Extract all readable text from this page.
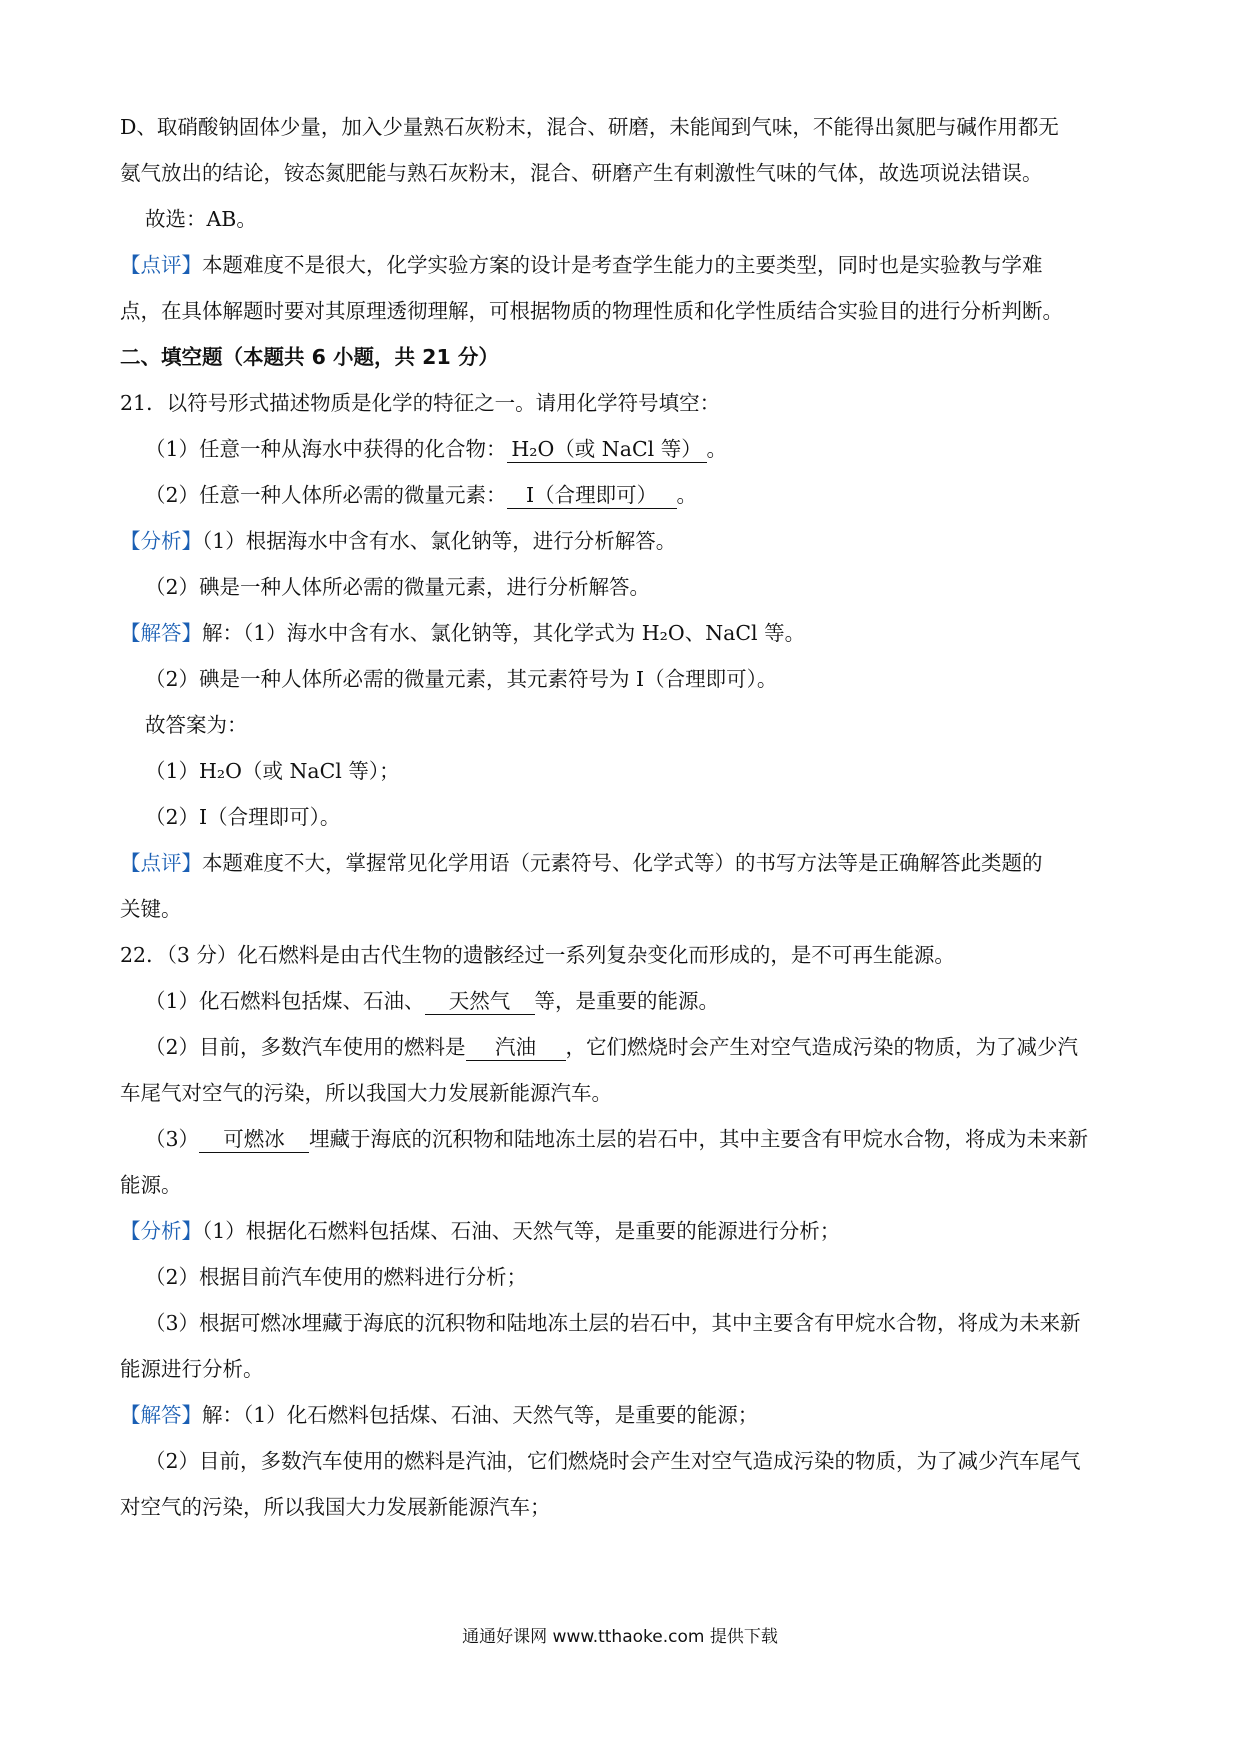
D、取硝酸钠固体少量，加入少量熟石灰粉末，混合、研磨，未能闻到气味，不能得出氮肥与碱作用都无
氨气放出的结论，铵态氮肥能与熟石灰粉末，混合、研磨产生有刺激性气味的气体，故选项说法错误。
故选：AB。
【点评】本题难度不是很大，化学实验方案的设计是考查学生能力的主要类型，同时也是实验教与学难
点，在具体解题时要对其原理透彻理解，可根据物质的物理性质和化学性质结合实验目的进行分析判断。
二、填空题（本题共 6 小题，共 21 分）
21．以符号形式描述物质是化学的特征之一。请用化学符号填空：
（1）任意一种从海水中获得的化合物： H₂O（或 NaCl 等） 。
（2）任意一种人体所必需的微量元素： I（合理即可） 。
【分析】（1）根据海水中含有水、氯化钠等，进行分析解答。
（2）碘是一种人体所必需的微量元素，进行分析解答。
【解答】解：（1）海水中含有水、氯化钠等，其化学式为 H₂O、NaCl 等。
（2）碘是一种人体所必需的微量元素，其元素符号为 I（合理即可）。
故答案为：
（1）H₂O（或 NaCl 等）；
（2）I（合理即可）。
【点评】本题难度不大，掌握常见化学用语（元素符号、化学式等）的书写方法等是正确解答此类题的
关键。
22．（3 分）化石燃料是由古代生物的遗骸经过一系列复杂变化而形成的，是不可再生能源。
（1）化石燃料包括煤、石油、 天然气 等，是重要的能源。
（2）目前，多数汽车使用的燃料是 汽油 ，它们燃烧时会产生对空气造成污染的物质，为了减少汽
车尾气对空气的污染，所以我国大力发展新能源汽车。
（3） 可燃冰 埋藏于海底的沉积物和陆地冻土层的岩石中，其中主要含有甲烷水合物，将成为未来新
能源。
【分析】（1）根据化石燃料包括煤、石油、天然气等，是重要的能源进行分析；
（2）根据目前汽车使用的燃料进行分析；
（3）根据可燃冰埋藏于海底的沉积物和陆地冻土层的岩石中，其中主要含有甲烷水合物，将成为未来新
能源进行分析。
【解答】解：（1）化石燃料包括煤、石油、天然气等，是重要的能源；
（2）目前，多数汽车使用的燃料是汽油，它们燃烧时会产生对空气造成污染的物质，为了减少汽车尾气
对空气的污染，所以我国大力发展新能源汽车；
通通好课网 www.tthaoke.com 提供下载
